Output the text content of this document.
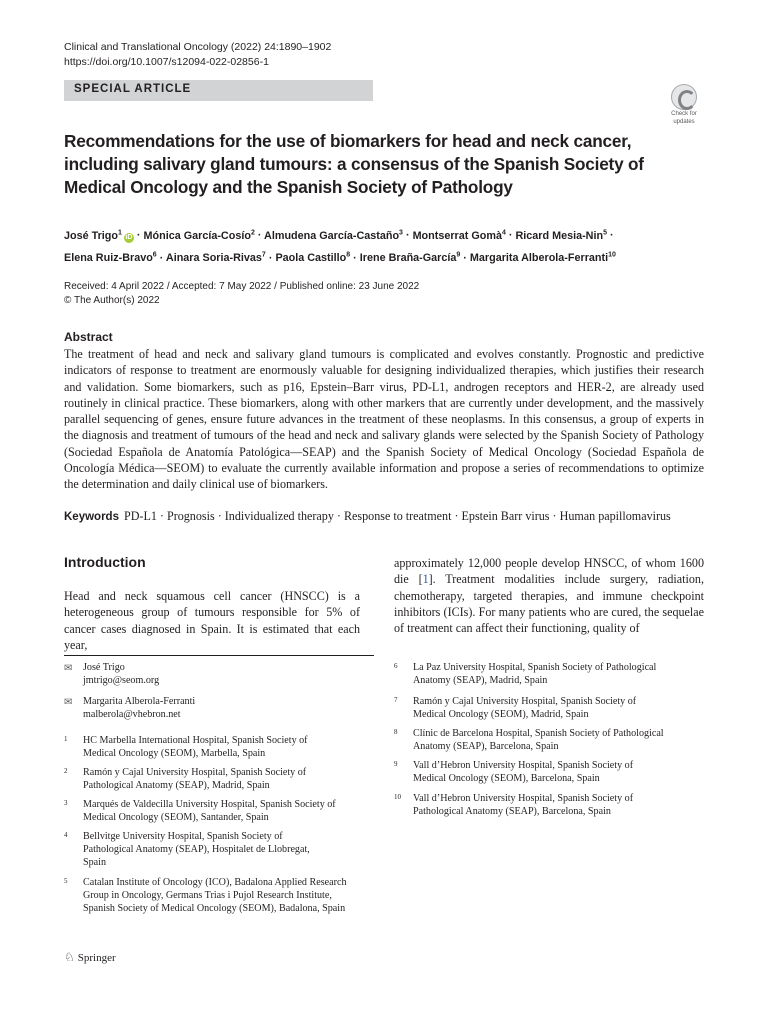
Clinical and Translational Oncology (2022) 24:1890–1902
https://doi.org/10.1007/s12094-022-02856-1
SPECIAL ARTICLE
Check for
updates
Recommendations for the use of biomarkers for head and neck cancer, including salivary gland tumours: a consensus of the Spanish Society of Medical Oncology and the Spanish Society of Pathology
José Trigo$^1$iD · Mónica García-Cosío$^2$ · Almudena García-Castaño$^3$ · Montserrat Gomà$^4$ · Ricard Mesia-Nin$^5$ ·
Elena Ruiz-Bravo$^6$ · Ainara Soria-Rivas$^7$ · Paola Castillo$^8$ · Irene Braña-García$^9$ · Margarita Alberola-Ferranti$^{10}$
Received: 4 April 2022 / Accepted: 7 May 2022 / Published online: 23 June 2022
© The Author(s) 2022
Abstract

The treatment of head and neck and salivary gland tumours is complicated and evolves constantly. Prognostic and predictive indicators of response to treatment are enormously valuable for designing individualized therapies, which justifies their research and validation. Some biomarkers, such as p16, Epstein–Barr virus, PD-L1, androgen receptors and HER-2, are already used routinely in clinical practice. These biomarkers, along with other markers that are currently under development, and the massively parallel sequencing of genes, ensure future advances in the treatment of these neoplasms. In this consensus, a group of experts in the diagnosis and treatment of tumours of the head and neck and salivary glands were selected by the Spanish Society of Pathology (Sociedad Española de Anatomía Patológica—SEAP) and the Spanish Society of Medical Oncology (Sociedad Española de Oncología Médica—SEOM) to evaluate the currently available information and propose a series of recommendations to optimize the determination and daily clinical use of biomarkers.

Keywords PD-L1 · Prognosis · Individualized therapy · Response to treatment · Epstein Barr virus · Human papillomavirus
Introduction

Head and neck squamous cell cancer (HNSCC) is a heterogeneous group of tumours responsible for 5% of cancer cases diagnosed in Spain. It is estimated that each year,

approximately 12,000 people develop HNSCC, of whom 1600 die [1]. Treatment modalities include surgery, radiation, chemotherapy, targeted therapies, and immune checkpoint inhibitors (ICIs). For many patients who are cured, the sequelae of treatment can affect their functioning, quality of

✉ José Trigo
jmtrigo@seom.org
✉ Margarita Alberola-Ferranti
malberola@vhebron.net
1 HC Marbella International Hospital, Spanish Society of Medical Oncology (SEOM), Marbella, Spain
2 Ramón y Cajal University Hospital, Spanish Society of Pathological Anatomy (SEAP), Madrid, Spain
3 Marqués de Valdecilla University Hospital, Spanish Society of Medical Oncology (SEOM), Santander, Spain
4 Bellvitge University Hospital, Spanish Society of Pathological Anatomy (SEAP), Hospitalet de Llobregat, Spain
5 Catalan Institute of Oncology (ICO), Badalona Applied Research Group in Oncology, Germans Trias i Pujol Research Institute, Spanish Society of Medical Oncology (SEOM), Badalona, Spain
6 La Paz University Hospital, Spanish Society of Pathological Anatomy (SEAP), Madrid, Spain
7 Ramón y Cajal University Hospital, Spanish Society of Medical Oncology (SEOM), Madrid, Spain
8 Clínic de Barcelona Hospital, Spanish Society of Pathological Anatomy (SEAP), Barcelona, Spain
9 Vall d’Hebron University Hospital, Spanish Society of Medical Oncology (SEOM), Barcelona, Spain
10 Vall d’Hebron University Hospital, Spanish Society of Pathological Anatomy (SEAP), Barcelona, Spain
♘ Springer
